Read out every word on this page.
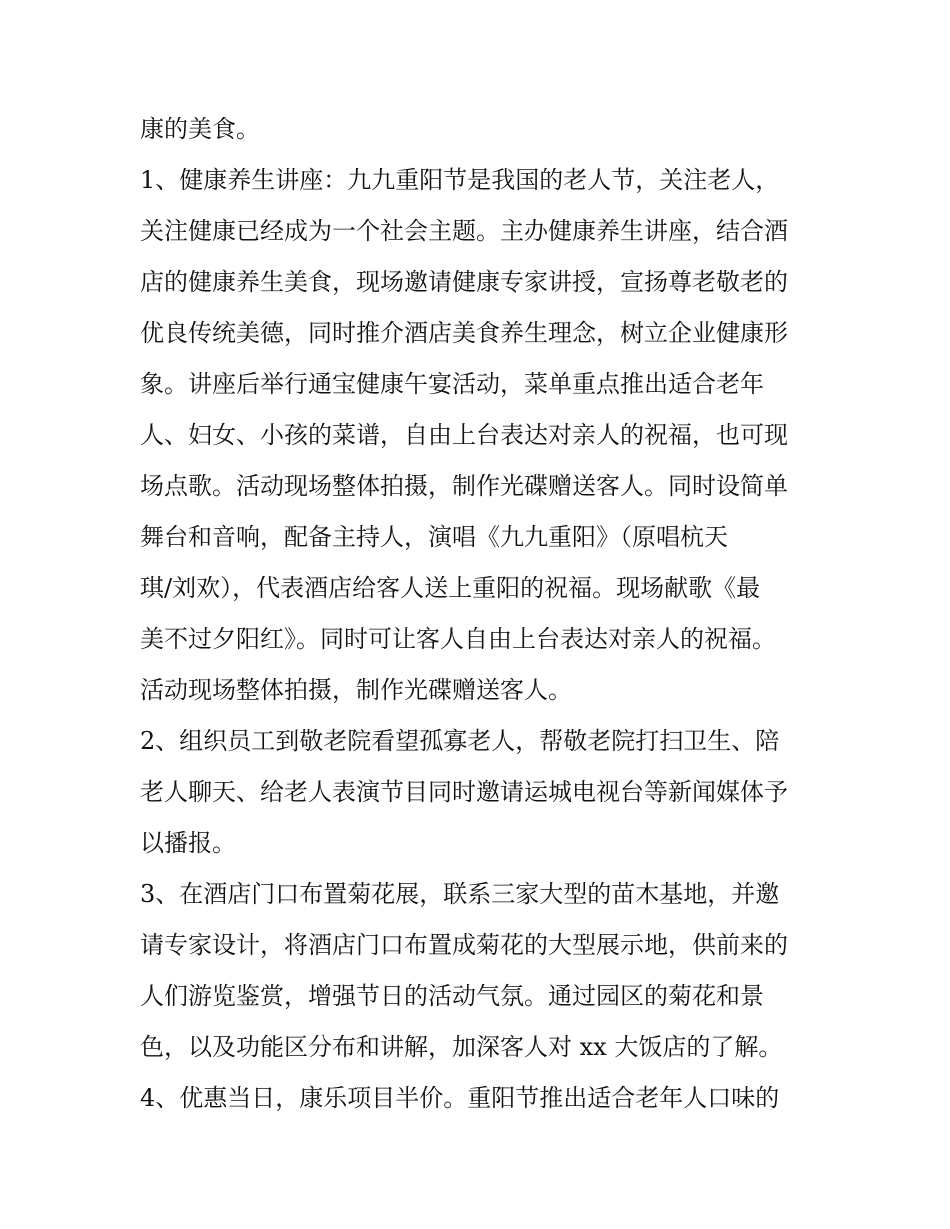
康的美食。
1、健康养生讲座：九九重阳节是我国的老人节，关注老人，
关注健康已经成为一个社会主题。主办健康养生讲座，结合酒
店的健康养生美食，现场邀请健康专家讲授，宣扬尊老敬老的
优良传统美德，同时推介酒店美食养生理念，树立企业健康形
象。讲座后举行通宝健康午宴活动，菜单重点推出适合老年
人、妇女、小孩的菜谱，自由上台表达对亲人的祝福，也可现
场点歌。活动现场整体拍摄，制作光碟赠送客人。同时设简单
舞台和音响，配备主持人，演唱《九九重阳》（原唱杭天
琪/刘欢），代表酒店给客人送上重阳的祝福。现场献歌《最
美不过夕阳红》。同时可让客人自由上台表达对亲人的祝福。
活动现场整体拍摄，制作光碟赠送客人。
2、组织员工到敬老院看望孤寡老人，帮敬老院打扫卫生、陪
老人聊天、给老人表演节目同时邀请运城电视台等新闻媒体予
以播报。
3、在酒店门口布置菊花展，联系三家大型的苗木基地，并邀
请专家设计，将酒店门口布置成菊花的大型展示地，供前来的
人们游览鉴赏，增强节日的活动气氛。通过园区的菊花和景
色，以及功能区分布和讲解，加深客人对 xx 大饭店的了解。
4、优惠当日，康乐项目半价。重阳节推出适合老年人口味的
